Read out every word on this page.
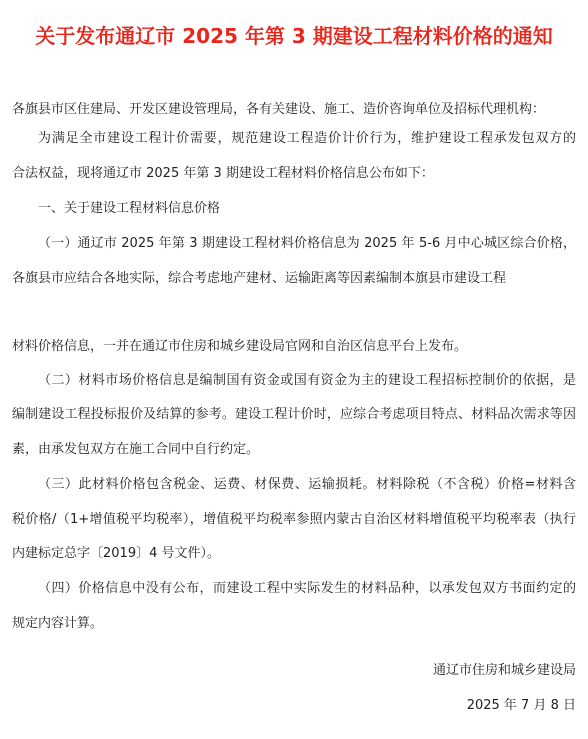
关于发布通辽市 2025 年第 3 期建设工程材料价格的通知
各旗县市区住建局、开发区建设管理局，各有关建设、施工、造价咨询单位及招标代理机构：
为满足全市建设工程计价需要，规范建设工程造价计价行为，维护建设工程承发包双方的
合法权益，现将通辽市 2025 年第 3 期建设工程材料价格信息公布如下：
一、关于建设工程材料信息价格
（一）通辽市 2025 年第 3 期建设工程材料价格信息为 2025 年 5-6 月中心城区综合价格，
各旗县市应结合各地实际，综合考虑地产建材、运输距离等因素编制本旗县市建设工程
材料价格信息，一并在通辽市住房和城乡建设局官网和自治区信息平台上发布。
（二）材料市场价格信息是编制国有资金或国有资金为主的建设工程招标控制价的依据，是
编制建设工程投标报价及结算的参考。建设工程计价时，应综合考虑项目特点、材料品次需求等因
素，由承发包双方在施工合同中自行约定。
（三）此材料价格包含税金、运费、材保费、运输损耗。材料除税（不含税）价格=材料含
税价格/（1+增值税平均税率），增值税平均税率参照内蒙古自治区材料增值税平均税率表（执行
内建标定总字〔2019〕4 号文件）。
（四）价格信息中没有公布，而建设工程中实际发生的材料品种，以承发包双方书面约定的
规定内容计算。
通辽市住房和城乡建设局
2025 年 7 月 8 日
